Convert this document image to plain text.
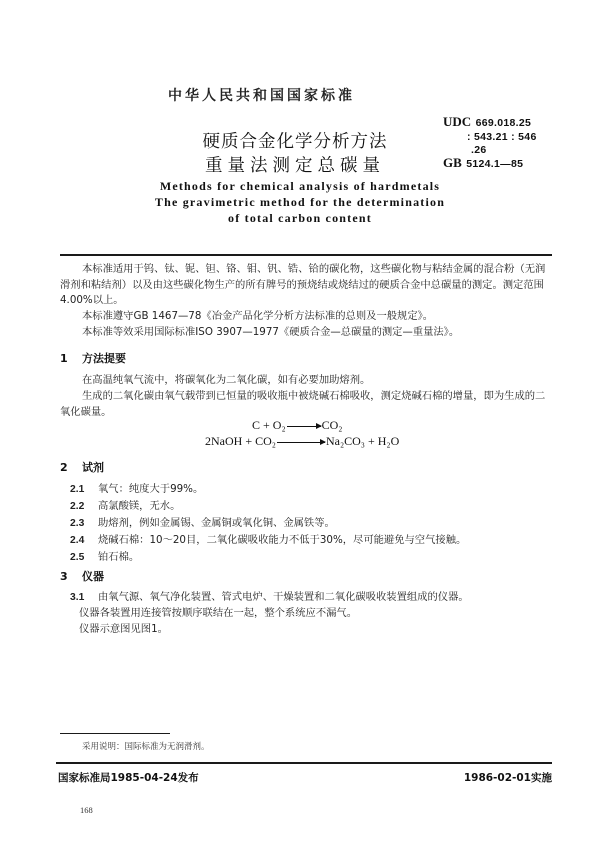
中华人民共和国国家标准
硬质合金化学分析方法
重量法测定总碳量
UDC 669.018.25
: 543.21 : 546
.26
GB 5124.1—85
Methods for chemical analysis of hardmetals
The gravimetric method for the determination
of total carbon content
本标准适用于钨、钛、铌、钽、铬、钼、钒、锆、铪的碳化物，这些碳化物与粘结金属的混合粉（无润滑剂和粘结剂）以及由这些碳化物生产的所有牌号的预烧结或烧结过的硬质合金中总碳量的测定。测定范围4.00%以上。
本标准遵守GB 1467—78《冶金产品化学分析方法标准的总则及一般规定》。
本标准等效采用国际标准ISO 3907—1977《硬质合金—总碳量的测定—重量法》。
1 方法提要
在高温纯氧气流中，将碳氧化为二氧化碳，如有必要加助熔剂。
生成的二氧化碳由氧气载带到已恒量的吸收瓶中被烧碱石棉吸收，测定烧碱石棉的增量，即为生成的二氧化碳量。
C + O₂→CO₂
2NaOH + CO₂→Na₂CO₃ + H₂O
2 试剂
2.1 氧气：纯度大于99%。
2.2 高氯酸镁，无水。
2.3 助熔剂，例如金属锡、金属铜或氧化铜、金属铁等。
2.4 烧碱石棉：10～20目，二氧化碳吸收能力不低于30%，尽可能避免与空气接触。
2.5 铂石棉。
3 仪器
3.1 由氧气源、氧气净化装置、管式电炉、干燥装置和二氧化碳吸收装置组成的仪器。
仪器各装置用连接管按顺序联结在一起，整个系统应不漏气。
仪器示意图见图1。
采用说明：国际标准为无润滑剂。
国家标准局1985-04-24发布	1986-02-01实施
168
